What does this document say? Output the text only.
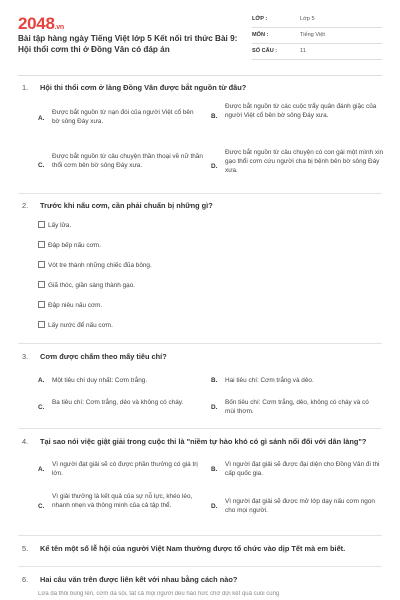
2048.vn
Bài tập hàng ngày Tiếng Việt lớp 5 Kết nối tri thức Bài 9: Hội thổi cơm thi ở Đồng Vân có đáp án
LỚP :	Lớp 5
MÔN :	Tiếng Việt
SỐ CÂU :	11
1. Hội thi thổi cơm ở làng Đồng Vân được bắt nguồn từ đâu?
A.
Được bắt nguồn từ nạn đói của người Việt cổ bên bờ sông Đáy xưa.
B.
Được bắt nguồn từ các cuộc trẩy quân đánh giặc của người Việt cổ bên bờ sông Đáy xưa.
C.
Được bắt nguồn từ câu chuyện thần thoại về nữ thần thổi cơm bên bờ sông Đáy xưa.	D.
Được bắt nguồn từ câu chuyện có con gái một mình xin gạo thổi cơm cứu người cha bị bệnh bên bờ sông Đáy xưa.
2. Trước khi nấu cơm, cần phải chuẩn bị những gì?
Lấy lửa.
Đập bếp nấu cơm.
Vót tre thành những chiếc đũa bông.
Giã thóc, giần sàng thành gạo.
Đập niêu nấu cơm.
Lấy nước để nấu cơm.
3. Cơm được chấm theo mấy tiêu chí?
A. Một tiêu chí duy nhất: Cơm trắng.	B. Hai tiêu chí: Cơm trắng và dẻo.
C.
Ba tiêu chí: Cơm trắng, dẻo và không có cháy.
D.
Bốn tiêu chí: Cơm trắng, dẻo, không có cháy và có mùi thơm.
4. Tại sao nói việc giật giải trong cuộc thi là "niềm tự hào khó có gì sánh nổi đối với dân làng"?
A.
Vì người đạt giải sẽ có được phần thưởng có giá trị lớn.
B.
Vì người đạt giải sẽ được đại diện cho Đồng Vân đi thi cấp quốc gia.
C.
Vì giải thưởng là kết quả của sự nỗ lực, khéo léo, nhanh nhẹn và thông minh của cả tập thể.	D.
Vì người đạt giải sẽ được mở lớp dạy nấu cơm ngon cho mọi người.
5. Kể tên một số lễ hội của người Việt Nam thường được tổ chức vào dịp Tết mà em biết.
6. Hai câu văn trên được liên kết với nhau bằng cách nào?
Lửa đã thổi bùng lên, cơm đã sôi, tất cả mọi người đều háo hức chờ đợi kết quả cuối cùng
